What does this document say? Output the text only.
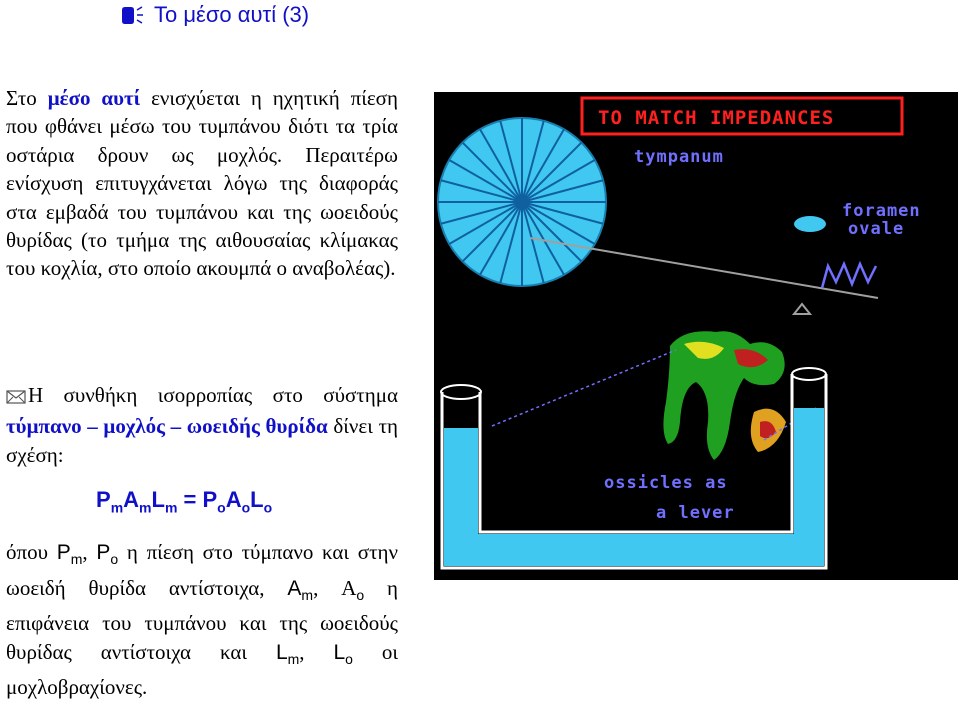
Το μέσο αυτί (3)
Στο μέσο αυτί ενισχύεται η ηχητική πίεση που φθάνει μέσω του τυμπάνου διότι τα τρία οστάρια δρουν ως μοχλός. Περαιτέρω ενίσχυση επιτυγχάνεται λόγω της διαφοράς στα εμβαδά του τυμπάνου και της ωοειδούς θυρίδας (το τμήμα της αιθουσαίας κλίμακας του κοχλία, στο οποίο ακουμπά ο αναβολέας).
Η συνθήκη ισορροπίας στο σύστημα τύμπανο – μοχλός – ωοειδής θυρίδα δίνει τη σχέση:
$P_mA_mL_m = P_oA_oL_o$
όπου $P_m$, $P_o$ η πίεση στο τύμπανο και στην ωοειδή θυρίδα αντίστοιχα, $A_m$, $A_o$ η επιφάνεια του τυμπάνου και της ωοειδούς θυρίδας αντίστοιχα και $L_m$, $L_o$ οι μοχλοβραχίονες.
TO MATCH IMPEDANCES
tympanum
foramen
ovale
ossicles as
a lever
